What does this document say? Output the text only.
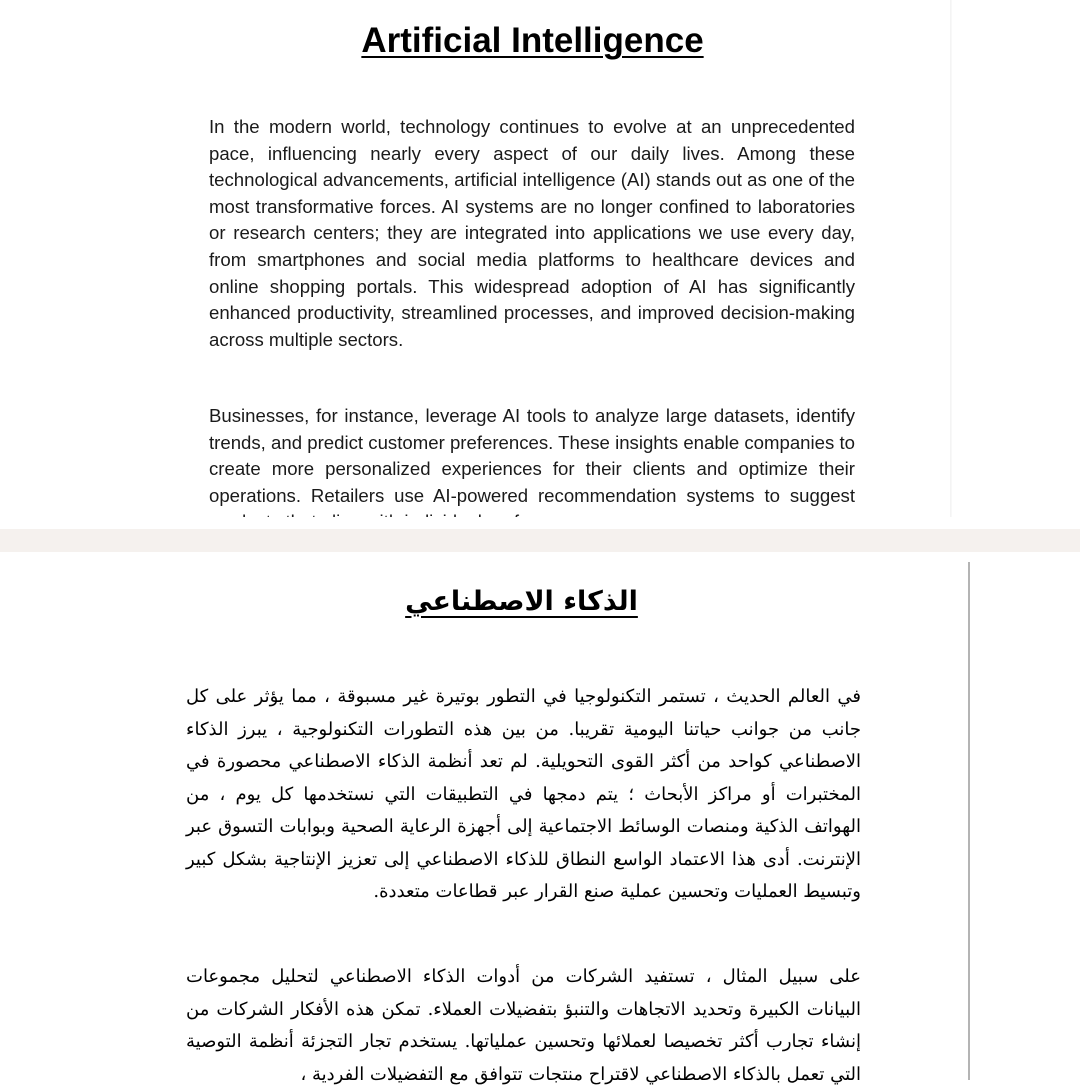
Artificial Intelligence

In the modern world, technology continues to evolve at an unprecedented pace, influencing nearly every aspect of our daily lives. Among these technological advancements, artificial intelligence (AI) stands out as one of the most transformative forces. AI systems are no longer confined to laboratories or research centers; they are integrated into applications we use every day, from smartphones and social media platforms to healthcare devices and online shopping portals. This widespread adoption of AI has significantly enhanced productivity, streamlined processes, and improved decision-making across multiple sectors.

Businesses, for instance, leverage AI tools to analyze large datasets, identify trends, and predict customer preferences. These insights enable companies to create more personalized experiences for their clients and optimize their operations. Retailers use AI-powered recommendation systems to suggest

الذكاء الاصطناعي

في العالم الحديث ، تستمر التكنولوجيا في التطور بوتيرة غير مسبوقة ، مما يؤثر على كل جانب من جوانب حياتنا اليومية تقريبا. من بين هذه التطورات التكنولوجية ، يبرز الذكاء الاصطناعي كواحد من أكثر القوى التحويلية. لم تعد أنظمة الذكاء الاصطناعي محصورة في المختبرات أو مراكز الأبحاث ؛ يتم دمجها في التطبيقات التي نستخدمها كل يوم ، من الهواتف الذكية ومنصات الوسائط الاجتماعية إلى أجهزة الرعاية الصحية وبوابات التسوق عبر الإنترنت. أدى هذا الاعتماد الواسع النطاق للذكاء الاصطناعي إلى تعزيز الإنتاجية بشكل كبير وتبسيط العمليات وتحسين عملية صنع القرار عبر قطاعات متعددة.

على سبيل المثال ، تستفيد الشركات من أدوات الذكاء الاصطناعي لتحليل مجموعات البيانات الكبيرة وتحديد الاتجاهات والتنبؤ بتفضيلات العملاء. تمكن هذه الأفكار الشركات من إنشاء تجارب أكثر تخصيصا لعملائها وتحسين عملياتها. يستخدم تجار التجزئة أنظمة التوصية التي تعمل بالذكاء الاصطناعي لاقتراح منتجات تتوافق مع التفضيلات الفردية ،
